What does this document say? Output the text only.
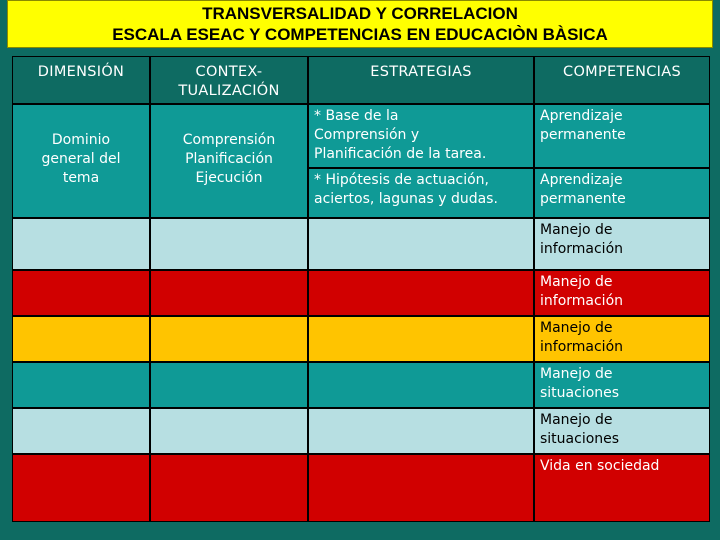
TRANSVERSALIDAD Y CORRELACION
ESCALA ESEAC Y COMPETENCIAS EN EDUCACIÒN BÀSICA
DIMENSIÓN	CONTEX-
TUALIZACIÓN
ESTRATEGIAS	COMPETENCIAS
Dominio
general del
tema
Comprensión
Planificación
Ejecución
* Base de la
Comprensión y
Planificación de la tarea.
Aprendizaje
permanente
* Hipótesis de actuación,
aciertos, lagunas y dudas.
Aprendizaje
permanente
Manejo de
información
Manejo de
información
Manejo de
información
Manejo de
situaciones
Manejo de
situaciones
Vida en sociedad
